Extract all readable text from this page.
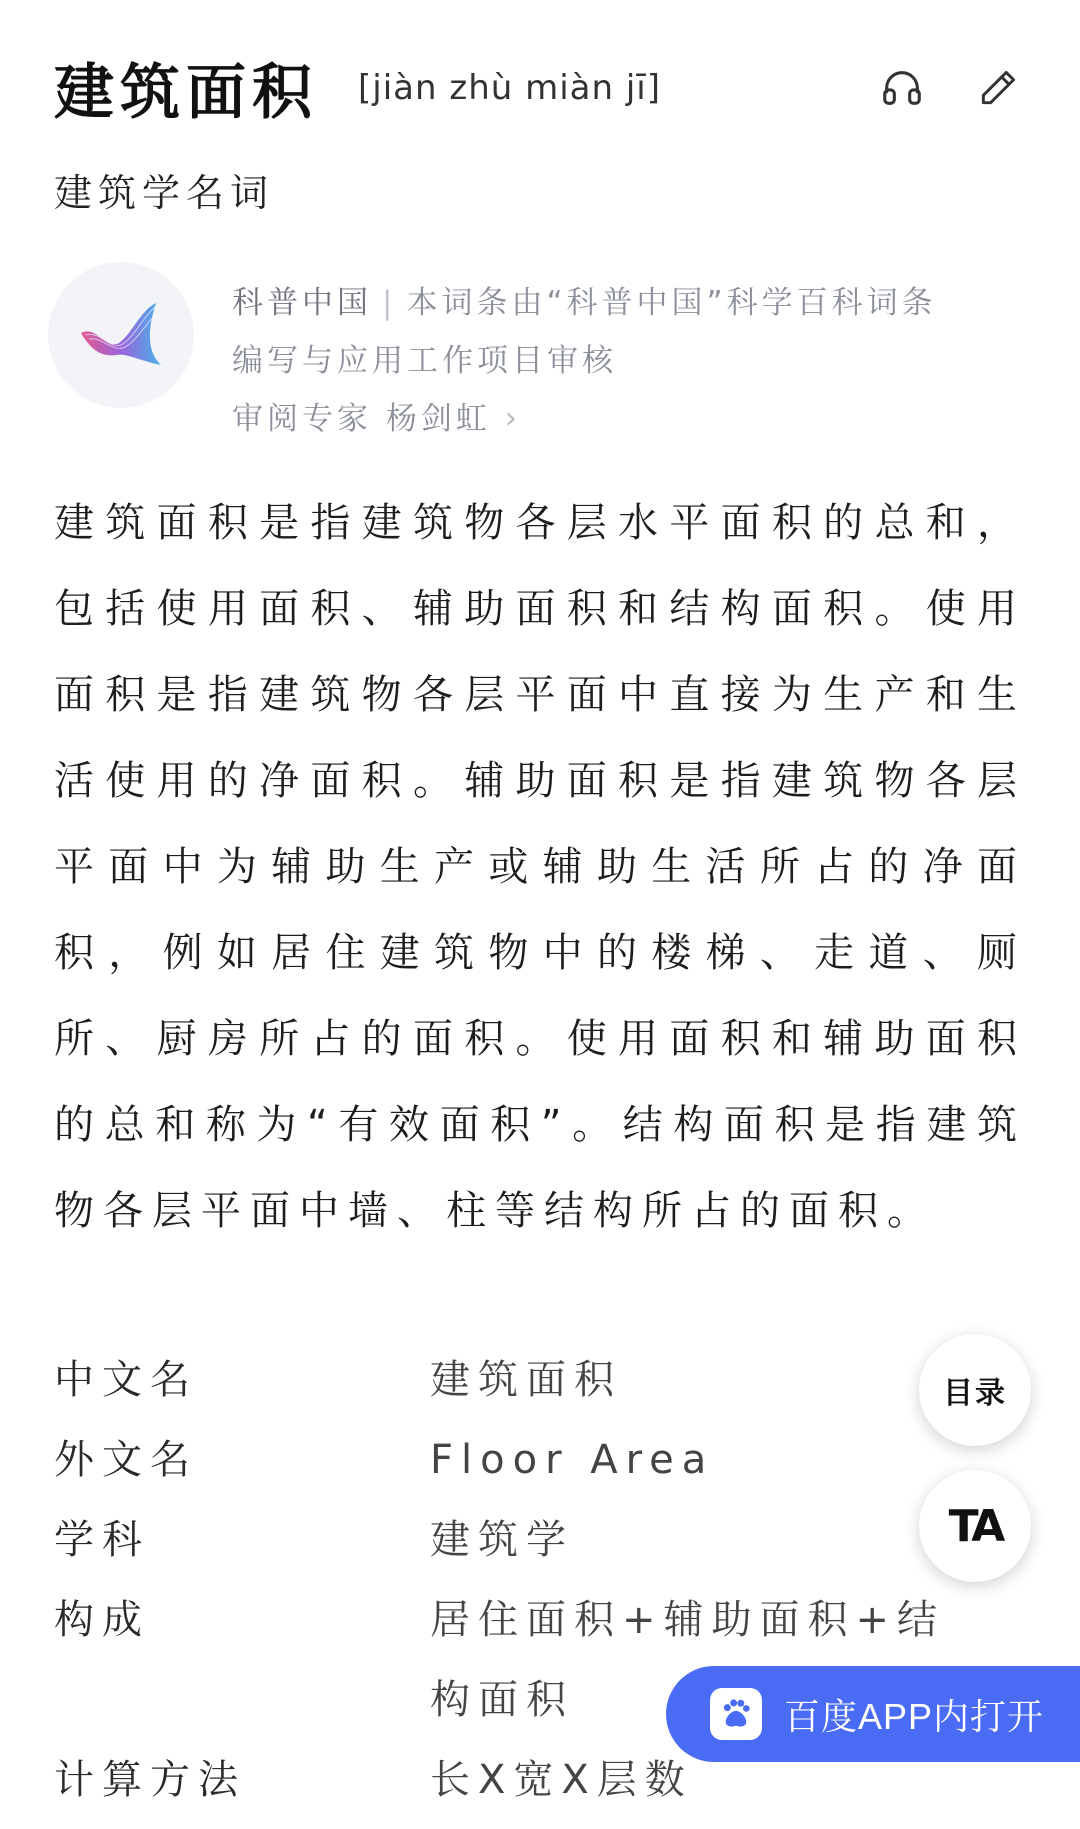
建筑面积 [jiàn zhù miàn jī]
建筑学名词
科普中国 | 本词条由“科普中国”科学百科词条
编写与应用工作项目审核
审阅专家 杨剑虹 ›
建筑面积是指建筑物各层水平面积的总和，包括使用面积、辅助面积和结构面积。使用面积是指建筑物各层平面中直接为生产和生活使用的净面积。辅助面积是指建筑物各层平面中为辅助生产或辅助生活所占的净面积，例如居住建筑物中的楼梯、走道、厕所、厨房所占的面积。使用面积和辅助面积的总和称为“有效面积”。结构面积是指建筑物各层平面中墙、柱等结构所占的面积。
中文名	建筑面积
外文名	Floor Area
学科	建筑学
构成	居住面积+辅助面积+结构面积
计算方法	长X宽X层数
目录
TA
百度APP内打开
